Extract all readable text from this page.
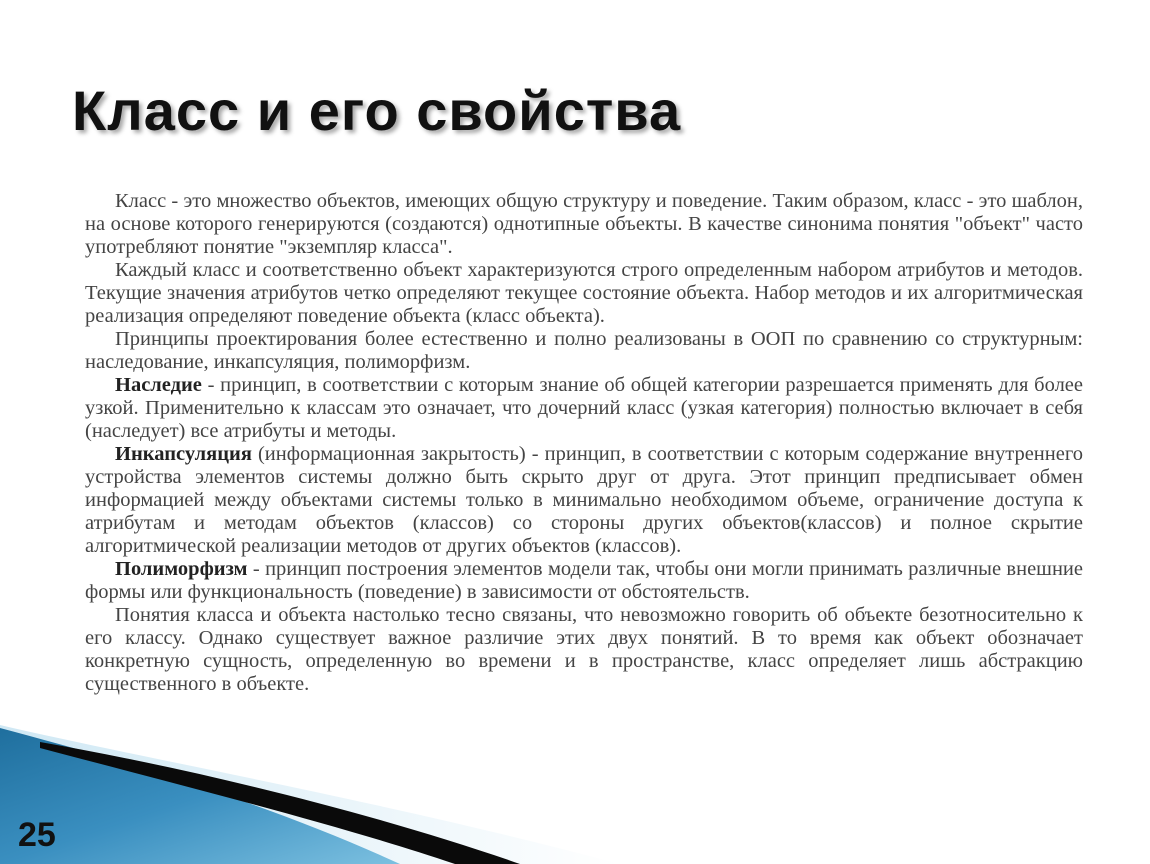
Класс и его свойства

Класс - это множество объектов, имеющих общую структуру и поведение. Таким образом, класс - это шаблон, на основе которого генерируются (создаются) однотипные объекты. В качестве синонима понятия "объект" часто употребляют понятие "экземпляр класса".

Каждый класс и соответственно объект характеризуются строго определенным набором атрибутов и методов. Текущие значения атрибутов четко определяют текущее состояние объекта. Набор методов и их алгоритмическая реализация определяют поведение объекта (класс объекта).

Принципы проектирования более естественно и полно реализованы в ООП по сравнению со структурным: наследование, инкапсуляция, полиморфизм.

Наследие - принцип, в соответствии с которым знание об общей категории разрешается применять для более узкой. Применительно к классам это означает, что дочерний класс (узкая категория) полностью включает в себя (наследует) все атрибуты и методы.

Инкапсуляция (информационная закрытость) - принцип, в соответствии с которым содержание внутреннего устройства элементов системы должно быть скрыто друг от друга. Этот принцип предписывает обмен информацией между объектами системы только в минимально необходимом объеме, ограничение доступа к атрибутам и методам объектов (классов) со стороны других объектов(классов) и полное скрытие алгоритмической реализации методов от других объектов (классов).

Полиморфизм - принцип построения элементов модели так, чтобы они могли принимать различные внешние формы или функциональность (поведение) в зависимости от обстоятельств.

Понятия класса и объекта настолько тесно связаны, что невозможно говорить об объекте безотносительно к его классу. Однако существует важное различие этих двух понятий. В то время как объект обозначает конкретную сущность, определенную во времени и в пространстве, класс определяет лишь абстракцию существенного в объекте.

25
